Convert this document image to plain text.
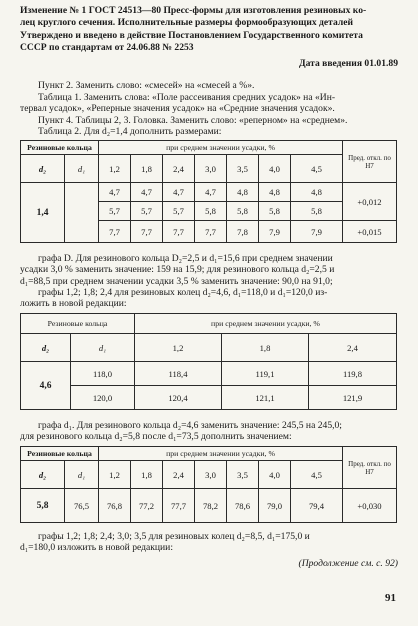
Изменение № 1 ГОСТ 24513—80 Пресс-формы для изготовления резиновых ко-
лец круглого сечения. Исполнительные размеры формообразующих деталей
Утверждено и введено в действие Постановлением Государственного комитета
СССР по стандартам от 24.06.88 № 2253
Дата введения 01.01.89
Пункт 2. Заменить слово: «смесей» на «смесей а %».
Таблица 1. Заменить слова: «Поле рассеивания средних усадок» на «Ин-
тервал усадок», «Реперные значения усадок» на «Средние значения усадок».
Пункт 4. Таблицы 2, 3. Головка. Заменить слово: «реперном» на «среднем».
Таблица 2. Для d₂=1,4 дополнить размерами:
Резиновые кольца		при среднем значении усадки, %							Пред. откл. по Н7
d₂	d₁	1,2	1,8	2,4	3,0	3,5	4,0	4,5	
1,4		4,7	4,7	4,7	4,7	4,8	4,8	4,8	+0,012
		5,7	5,7	5,7	5,8	5,8	5,8	5,8	
		7,7	7,7	7,7	7,7	7,8	7,9	7,9	+0,015
графа D. Для резинового кольца D₂=2,5 и d₁=15,6 при среднем значении
усадки 3,0 % заменить значение: 159 на 15,9; для резинового кольца d₂=2,5 и
d₁=88,5 при среднем значении усадки 3,5 % заменить значение: 90,0 на 91,0;
графы 1,2; 1,8; 2,4 для резиновых колец d₂=4,6, d₁=118,0 и d₁=120,0 из-
ложить в новой редакции:
Резиновые кольца		при среднем значении усадки, %		
d₂	d₁	1,2	1,8	2,4
4,6	118,0	118,4	119,1	119,8
	120,0	120,4	121,1	121,9
графа d₁. Для резинового кольца d₂=4,6 заменить значение: 245,5 на 245,0;
для резинового кольца d₂=5,8 после d₁=73,5 дополнить значением:
Резиновые кольца		при среднем значении усадки, %							Пред. откл. по Н7
d₂	d₁	1,2	1,8	2,4	3,0	3,5	4,0	4,5	
5,8	76,5	76,8	77,2	77,7	78,2	78,6	79,0	79,4	+0,030
графы 1,2; 1,8; 2,4; 3,0; 3,5 для резиновых колец d₂=8,5, d₁=175,0 и
d₁=180,0 изложить в новой редакции:
(Продолжение см. с. 92)
91
